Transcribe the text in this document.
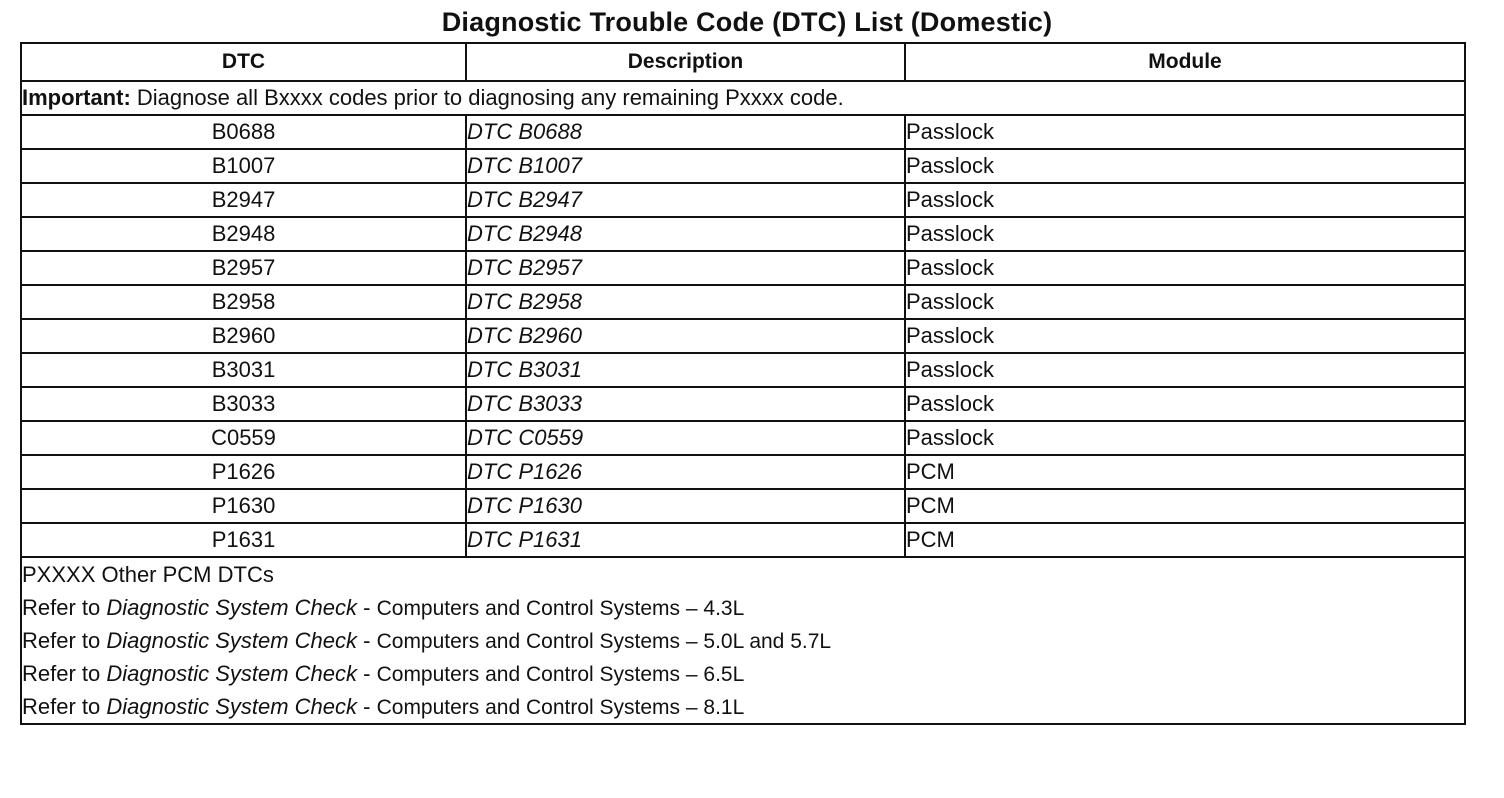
Diagnostic Trouble Code (DTC) List (Domestic)
DTC	Description	Module
Important: Diagnose all Bxxxx codes prior to diagnosing any remaining Pxxxx code.		
B0688	DTC B0688	Passlock
B1007	DTC B1007	Passlock
B2947	DTC B2947	Passlock
B2948	DTC B2948	Passlock
B2957	DTC B2957	Passlock
B2958	DTC B2958	Passlock
B2960	DTC B2960	Passlock
B3031	DTC B3031	Passlock
B3033	DTC B3033	Passlock
C0559	DTC C0559	Passlock
P1626	DTC P1626	PCM
P1630	DTC P1630	PCM
P1631	DTC P1631	PCM

PXXXX Other PCM DTCs
Refer to Diagnostic System Check - Computers and Control Systems – 4.3L
Refer to Diagnostic System Check - Computers and Control Systems – 5.0L and 5.7L
Refer to Diagnostic System Check - Computers and Control Systems – 6.5L
Refer to Diagnostic System Check - Computers and Control Systems – 8.1L		
